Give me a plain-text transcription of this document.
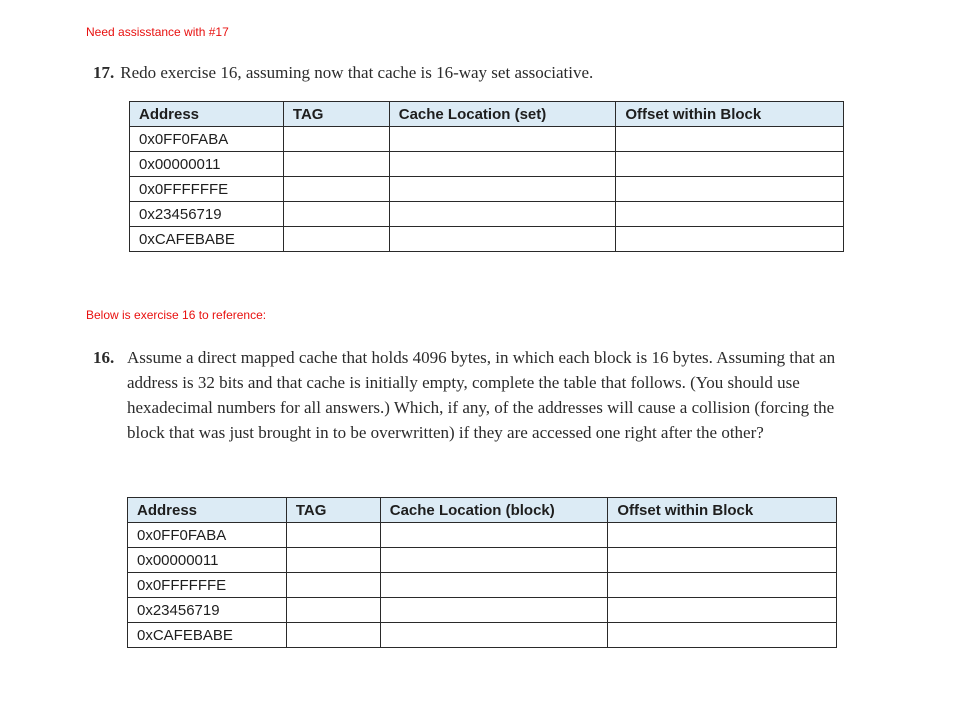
Need assisstance with #17
17. Redo exercise 16, assuming now that cache is 16-way set associative.
Address	TAG	Cache Location (set)	Offset within Block
0x0FF0FABA			
0x00000011			
0x0FFFFFFE			
0x23456719			
0xCAFEBABE			
Below is exercise 16 to reference:
16. Assume a direct mapped cache that holds 4096 bytes, in which each block is 16 bytes. Assuming that an address is 32 bits and that cache is initially empty, complete the table that follows. (You should use hexadecimal numbers for all answers.) Which, if any, of the addresses will cause a collision (forcing the block that was just brought in to be overwritten) if they are accessed one right after the other?
Address	TAG	Cache Location (block)	Offset within Block
0x0FF0FABA			
0x00000011			
0x0FFFFFFE			
0x23456719			
0xCAFEBABE			
